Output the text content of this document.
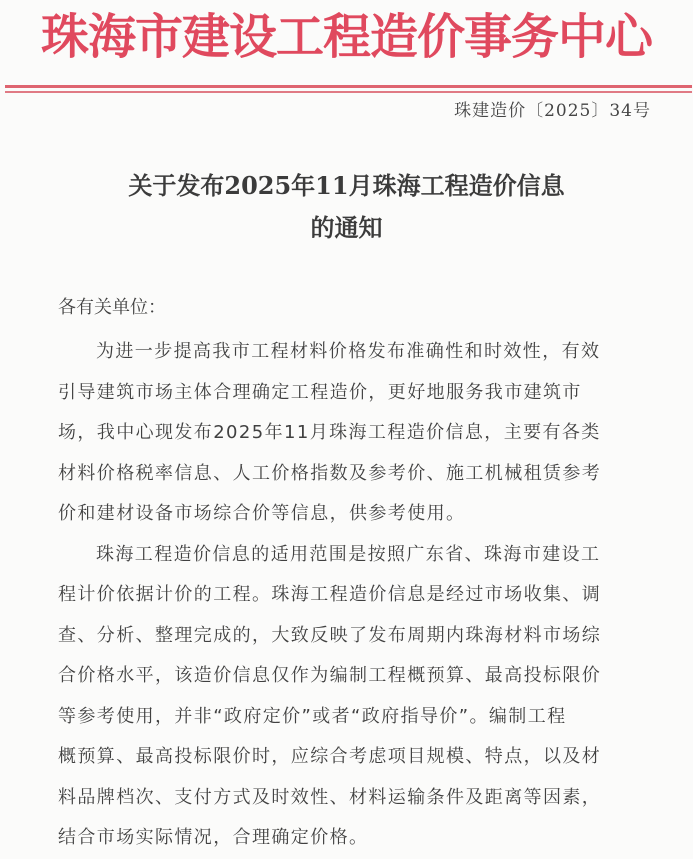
珠海市建设工程造价事务中心
珠建造价〔2025〕34号
关于发布2025年11月珠海工程造价信息
的通知
各有关单位：
为进一步提高我市工程材料价格发布准确性和时效性，有效
引导建筑市场主体合理确定工程造价，更好地服务我市建筑市
场，我中心现发布2025年11月珠海工程造价信息，主要有各类
材料价格税率信息、人工价格指数及参考价、施工机械租赁参考
价和建材设备市场综合价等信息，供参考使用。
珠海工程造价信息的适用范围是按照广东省、珠海市建设工
程计价依据计价的工程。珠海工程造价信息是经过市场收集、调
查、分析、整理完成的，大致反映了发布周期内珠海材料市场综
合价格水平，该造价信息仅作为编制工程概预算、最高投标限价
等参考使用，并非“政府定价”或者“政府指导价”。编制工程
概预算、最高投标限价时，应综合考虑项目规模、特点，以及材
料品牌档次、支付方式及时效性、材料运输条件及距离等因素，
结合市场实际情况，合理确定价格。
